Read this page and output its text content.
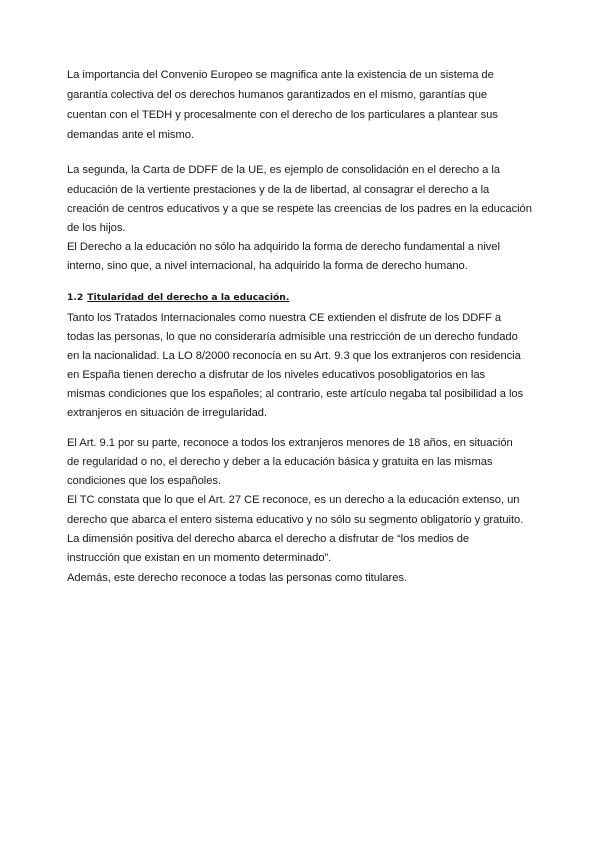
La importancia del Convenio Europeo se magnifica ante la existencia de un sistema de
garantía colectiva del os derechos humanos garantizados en el mismo, garantías que
cuentan con el TEDH y procesalmente con el derecho de los particulares a plantear sus
demandas ante el mismo.
La segunda, la Carta de DDFF de la UE, es ejemplo de consolidación en el derecho a la
educación de la vertiente prestaciones y de la de libertad, al consagrar el derecho a la
creación de centros educativos y a que se respete las creencias de los padres en la educación
de los hijos.
El Derecho a la educación no sólo ha adquirido la forma de derecho fundamental a nivel
interno, sino que, a nivel internacional, ha adquirido la forma de derecho humano.
1.2 Titularidad del derecho a la educación.
Tanto los Tratados Internacionales como nuestra CE extienden el disfrute de los DDFF a
todas las personas, lo que no consideraría admisible una restricción de un derecho fundado
en la nacionalidad. La LO 8/2000 reconocía en su Art. 9.3 que los extranjeros con residencia
en España tienen derecho a disfrutar de los niveles educativos posobligatorios en las
mismas condiciones que los españoles; al contrario, este artículo negaba tal posibilidad a los
extranjeros en situación de irregularidad.
El Art. 9.1 por su parte, reconoce a todos los extranjeros menores de 18 años, en situación
de regularidad o no, el derecho y deber a la educación básica y gratuita en las mismas
condiciones que los españoles.
El TC constata que lo que el Art. 27 CE reconoce, es un derecho a la educación extenso, un
derecho que abarca el entero sistema educativo y no sólo su segmento obligatorio y gratuito.
La dimensión positiva del derecho abarca el derecho a disfrutar de “los medios de
instrucción que existan en un momento determinado”.
Además, este derecho reconoce a todas las personas como titulares.
